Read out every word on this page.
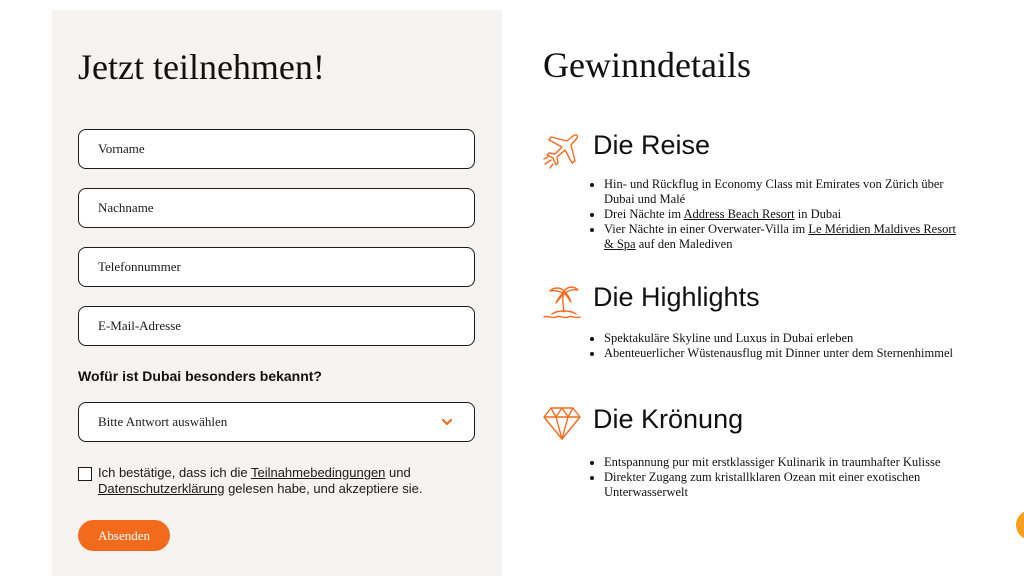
Jetzt teilnehmen!
Vorname
Nachname
Telefonnummer
E-Mail-Adresse
Wofür ist Dubai besonders bekannt?
Bitte Antwort auswählen
Ich bestätige, dass ich die Teilnahmebedingungen und
Datenschutzerklärung gelesen habe, und akzeptiere sie.
Absenden
Gewinndetails
Die Reise
• Hin- und Rückflug in Economy Class mit Emirates von Zürich über Dubai und Malé
• Drei Nächte im Address Beach Resort in Dubai
• Vier Nächte in einer Overwater-Villa im Le Méridien Maldives Resort & Spa auf den Malediven
Die Highlights
• Spektakuläre Skyline und Luxus in Dubai erleben
• Abenteuerlicher Wüstenausflug mit Dinner unter dem Sternenhimmel
Die Krönung
• Entspannung pur mit erstklassiger Kulinarik in traumhafter Kulisse
• Direkter Zugang zum kristallklaren Ozean mit einer exotischen Unterwasserwelt
